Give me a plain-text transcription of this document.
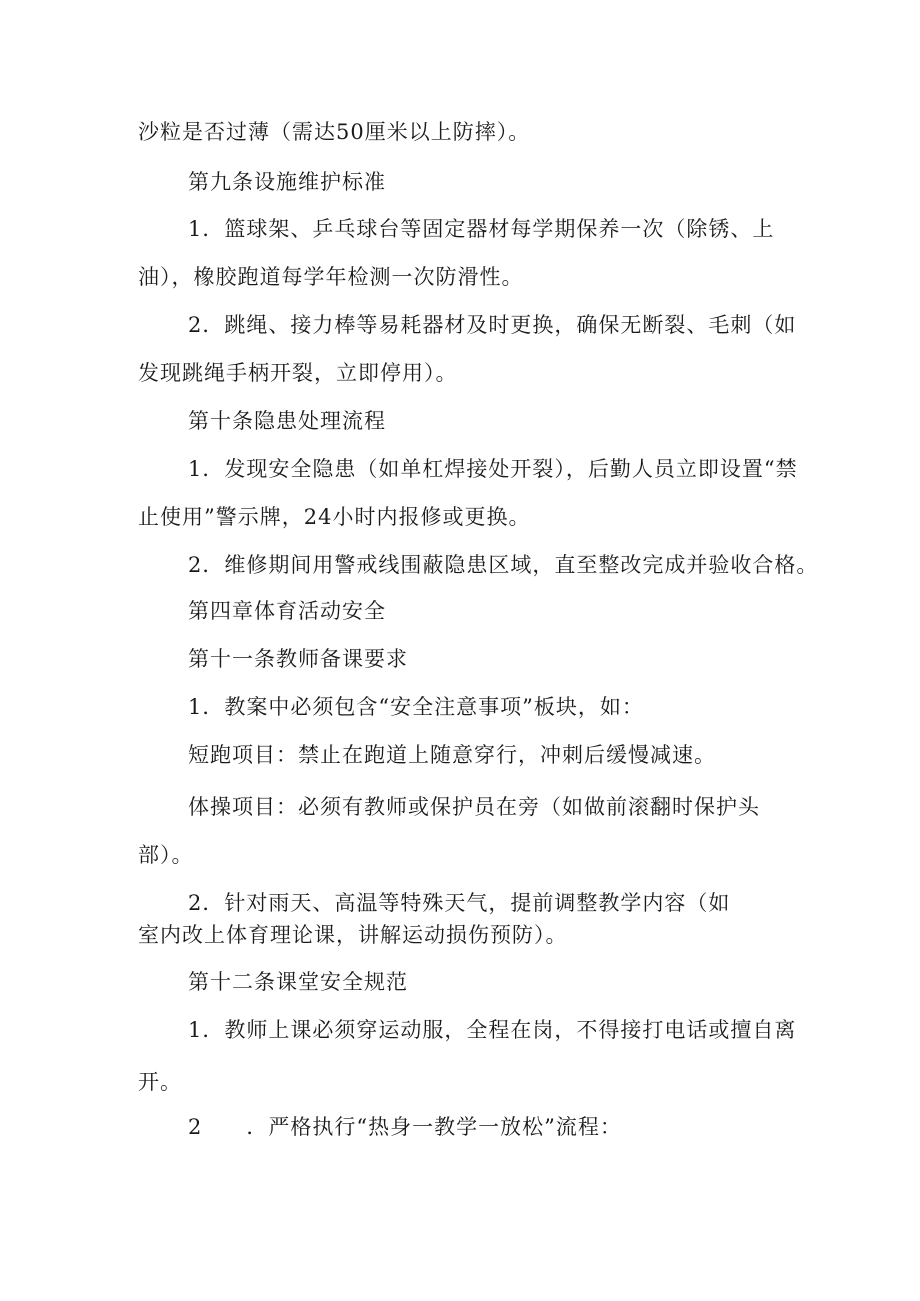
沙粒是否过薄（需达50厘米以上防摔）。
第九条设施维护标准
1．篮球架、乒乓球台等固定器材每学期保养一次（除锈、上
油），橡胶跑道每学年检测一次防滑性。
2．跳绳、接力棒等易耗器材及时更换，确保无断裂、毛刺（如
发现跳绳手柄开裂，立即停用）。
第十条隐患处理流程
1．发现安全隐患（如单杠焊接处开裂），后勤人员立即设置“禁
止使用”警示牌，24小时内报修或更换。
2．维修期间用警戒线围蔽隐患区域，直至整改完成并验收合格。
第四章体育活动安全
第十一条教师备课要求
1．教案中必须包含“安全注意事项”板块，如：
短跑项目：禁止在跑道上随意穿行，冲刺后缓慢减速。
体操项目：必须有教师或保护员在旁（如做前滚翻时保护头
部）。
2．针对雨天、高温等特殊天气，提前调整教学内容（如
室内改上体育理论课，讲解运动损伤预防）。
第十二条课堂安全规范
1．教师上课必须穿运动服，全程在岗，不得接打电话或擅自离
开。
2　　．严格执行“热身一教学一放松”流程：
